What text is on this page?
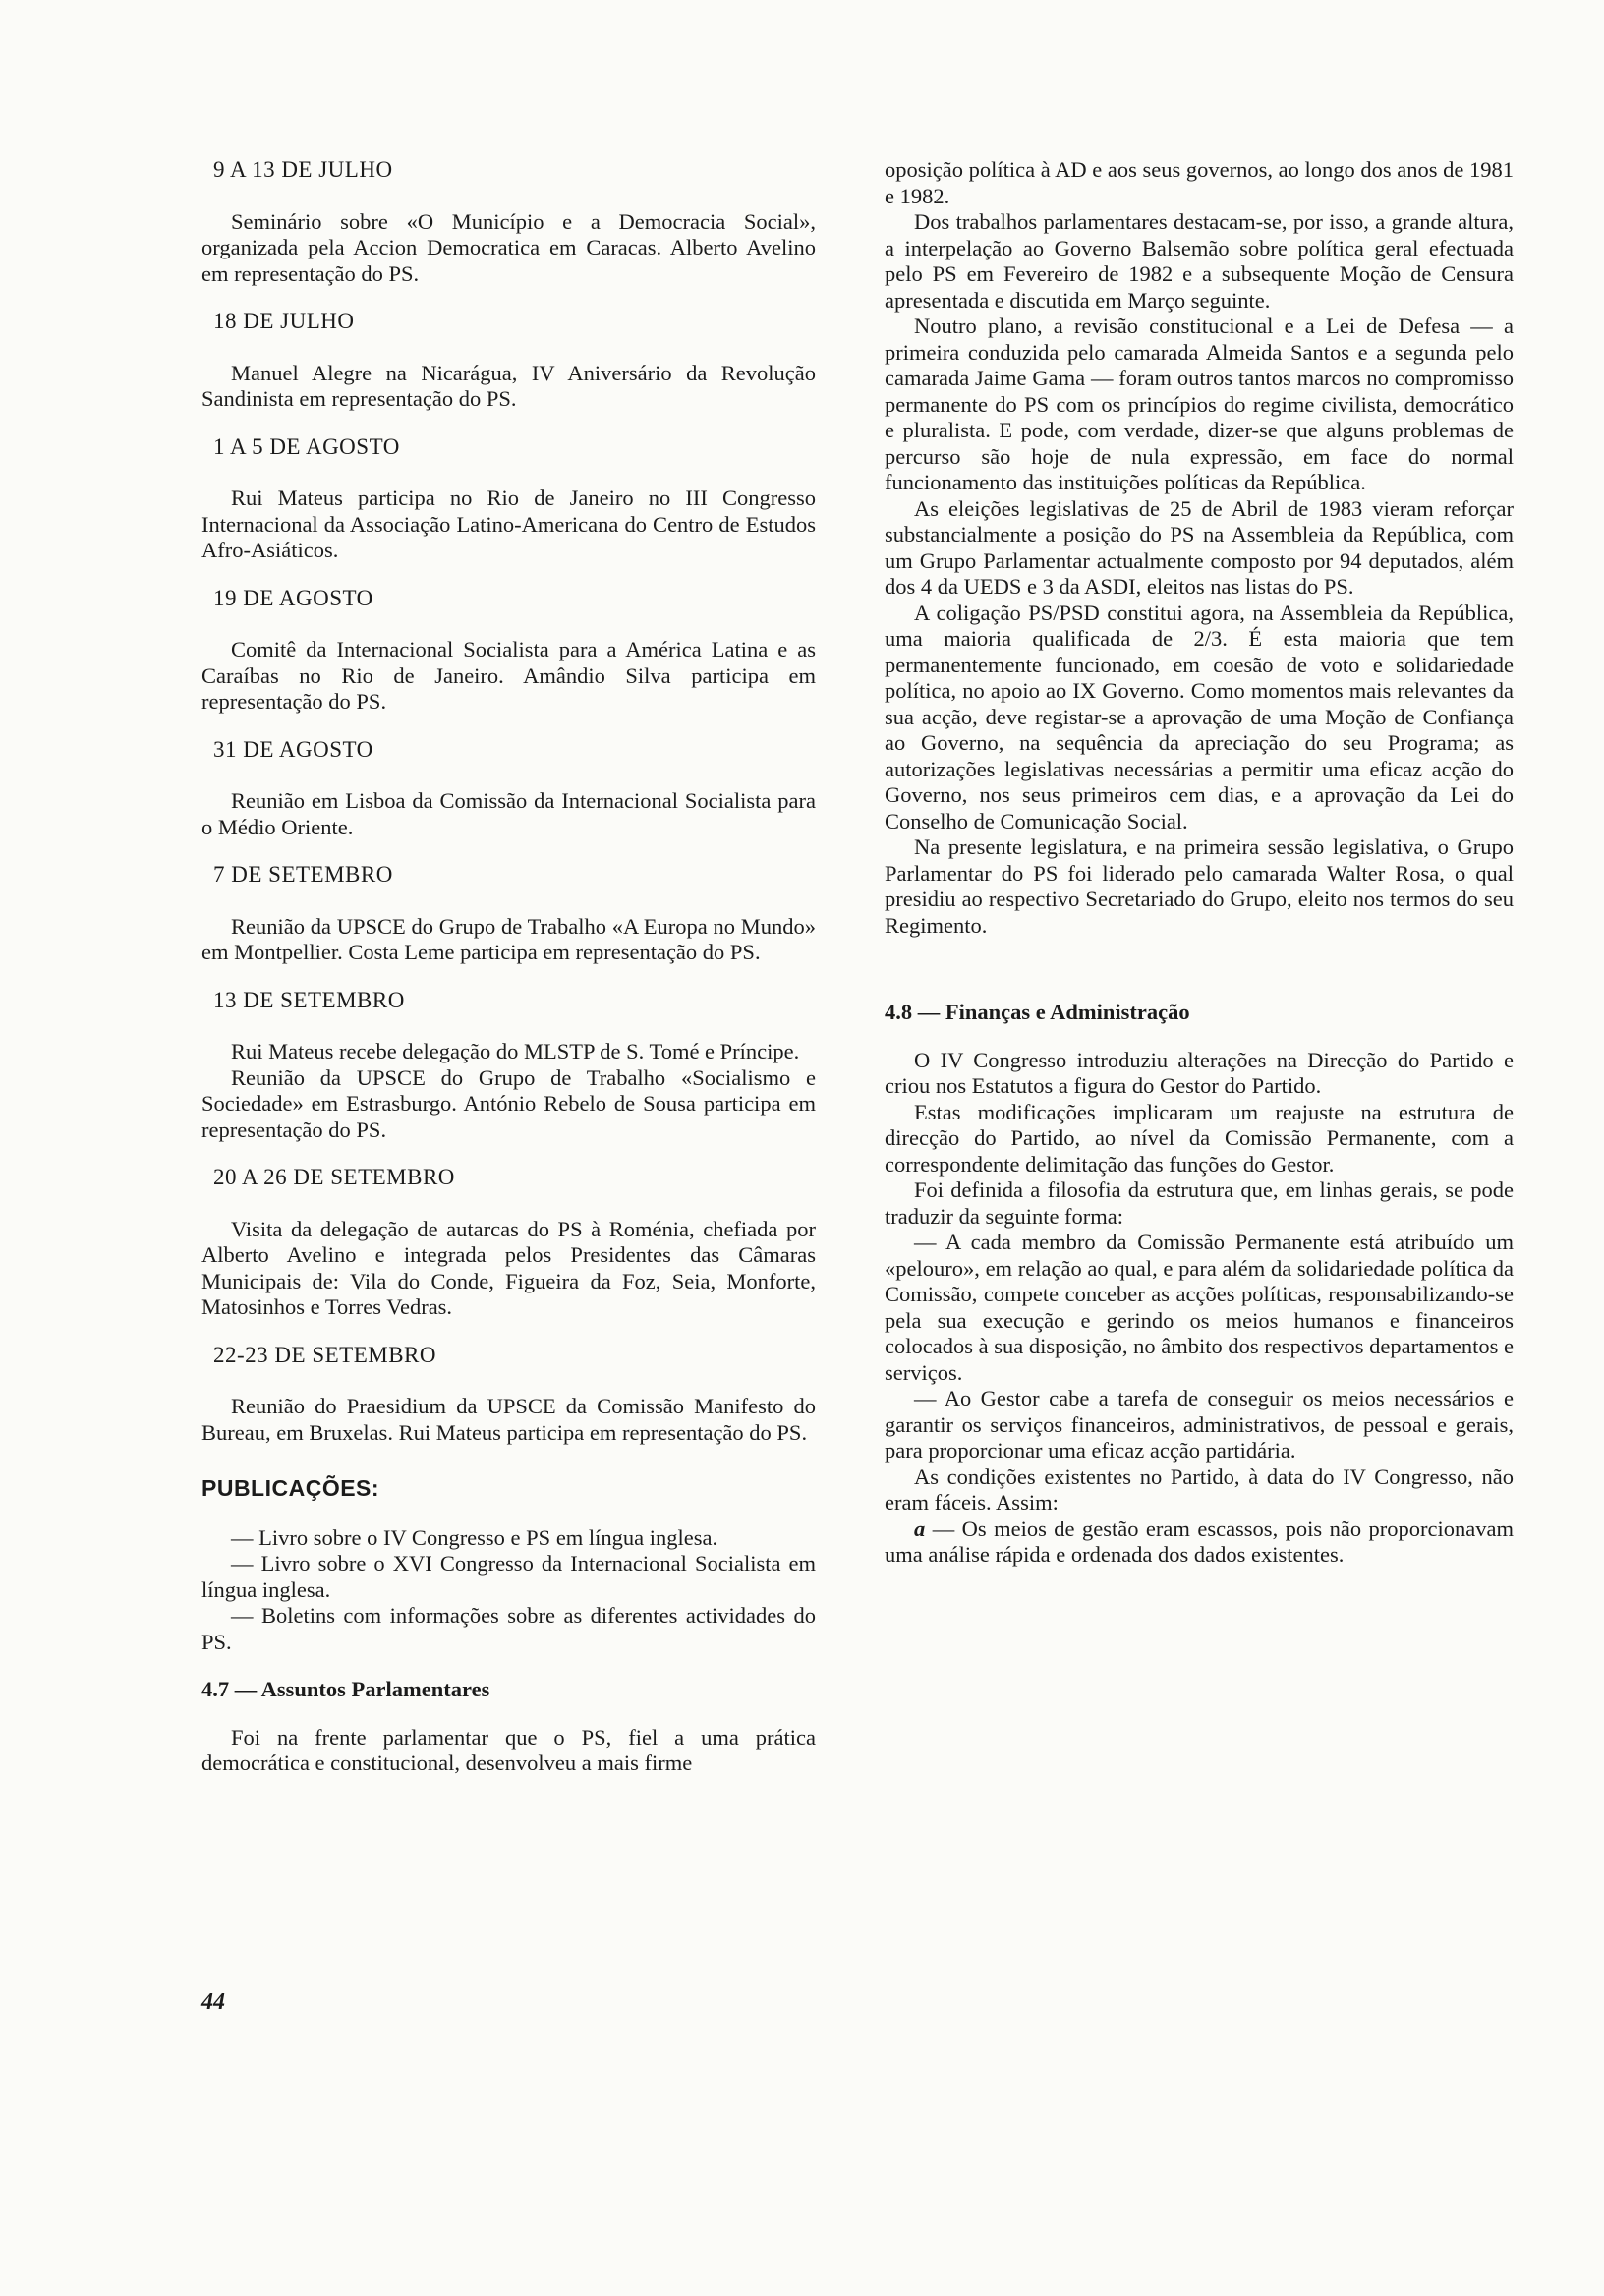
9 A 13 DE JULHO

Seminário sobre «O Município e a Democracia Social», organizada pela Accion Democratica em Caracas. Alberto Avelino em representação do PS.

18 DE JULHO

Manuel Alegre na Nicarágua, IV Aniversário da Revolução Sandinista em representação do PS.

1 A 5 DE AGOSTO

Rui Mateus participa no Rio de Janeiro no III Congresso Internacional da Associação Latino-Americana do Centro de Estudos Afro-Asiáticos.

19 DE AGOSTO

Comitê da Internacional Socialista para a América Latina e as Caraíbas no Rio de Janeiro. Amândio Silva participa em representação do PS.

31 DE AGOSTO

Reunião em Lisboa da Comissão da Internacional Socialista para o Médio Oriente.

7 DE SETEMBRO

Reunião da UPSCE do Grupo de Trabalho «A Europa no Mundo» em Montpellier. Costa Leme participa em representação do PS.

13 DE SETEMBRO

Rui Mateus recebe delegação do MLSTP de S. Tomé e Príncipe.

Reunião da UPSCE do Grupo de Trabalho «Socialismo e Sociedade» em Estrasburgo. António Rebelo de Sousa participa em representação do PS.

20 A 26 DE SETEMBRO

Visita da delegação de autarcas do PS à Roménia, chefiada por Alberto Avelino e integrada pelos Presidentes das Câmaras Municipais de: Vila do Conde, Figueira da Foz, Seia, Monforte, Matosinhos e Torres Vedras.

22-23 DE SETEMBRO

Reunião do Praesidium da UPSCE da Comissão Manifesto do Bureau, em Bruxelas. Rui Mateus participa em representação do PS.

PUBLICAÇÕES:

— Livro sobre o IV Congresso e PS em língua inglesa.

— Livro sobre o XVI Congresso da Internacional Socialista em língua inglesa.

— Boletins com informações sobre as diferentes actividades do PS.

4.7 — Assuntos Parlamentares

Foi na frente parlamentar que o PS, fiel a uma prática democrática e constitucional, desenvolveu a mais firme

oposição política à AD e aos seus governos, ao longo dos anos de 1981 e 1982.

Dos trabalhos parlamentares destacam-se, por isso, a grande altura, a interpelação ao Governo Balsemão sobre política geral efectuada pelo PS em Fevereiro de 1982 e a subsequente Moção de Censura apresentada e discutida em Março seguinte.

Noutro plano, a revisão constitucional e a Lei de Defesa — a primeira conduzida pelo camarada Almeida Santos e a segunda pelo camarada Jaime Gama — foram outros tantos marcos no compromisso permanente do PS com os princípios do regime civilista, democrático e pluralista. E pode, com verdade, dizer-se que alguns problemas de percurso são hoje de nula expressão, em face do normal funcionamento das instituições políticas da República.

As eleições legislativas de 25 de Abril de 1983 vieram reforçar substancialmente a posição do PS na Assembleia da República, com um Grupo Parlamentar actualmente composto por 94 deputados, além dos 4 da UEDS e 3 da ASDI, eleitos nas listas do PS.

A coligação PS/PSD constitui agora, na Assembleia da República, uma maioria qualificada de 2/3. É esta maioria que tem permanentemente funcionado, em coesão de voto e solidariedade política, no apoio ao IX Governo. Como momentos mais relevantes da sua acção, deve registar-se a aprovação de uma Moção de Confiança ao Governo, na sequência da apreciação do seu Programa; as autorizações legislativas necessárias a permitir uma eficaz acção do Governo, nos seus primeiros cem dias, e a aprovação da Lei do Conselho de Comunicação Social.

Na presente legislatura, e na primeira sessão legislativa, o Grupo Parlamentar do PS foi liderado pelo camarada Walter Rosa, o qual presidiu ao respectivo Secretariado do Grupo, eleito nos termos do seu Regimento.

4.8 — Finanças e Administração

O IV Congresso introduziu alterações na Direcção do Partido e criou nos Estatutos a figura do Gestor do Partido.

Estas modificações implicaram um reajuste na estrutura de direcção do Partido, ao nível da Comissão Permanente, com a correspondente delimitação das funções do Gestor.

Foi definida a filosofia da estrutura que, em linhas gerais, se pode traduzir da seguinte forma:

— A cada membro da Comissão Permanente está atribuído um «pelouro», em relação ao qual, e para além da solidariedade política da Comissão, compete conceber as acções políticas, responsabilizando-se pela sua execução e gerindo os meios humanos e financeiros colocados à sua disposição, no âmbito dos respectivos departamentos e serviços.

— Ao Gestor cabe a tarefa de conseguir os meios necessários e garantir os serviços financeiros, administrativos, de pessoal e gerais, para proporcionar uma eficaz acção partidária.

As condições existentes no Partido, à data do IV Congresso, não eram fáceis. Assim:

a — Os meios de gestão eram escassos, pois não proporcionavam uma análise rápida e ordenada dos dados existentes.

44
